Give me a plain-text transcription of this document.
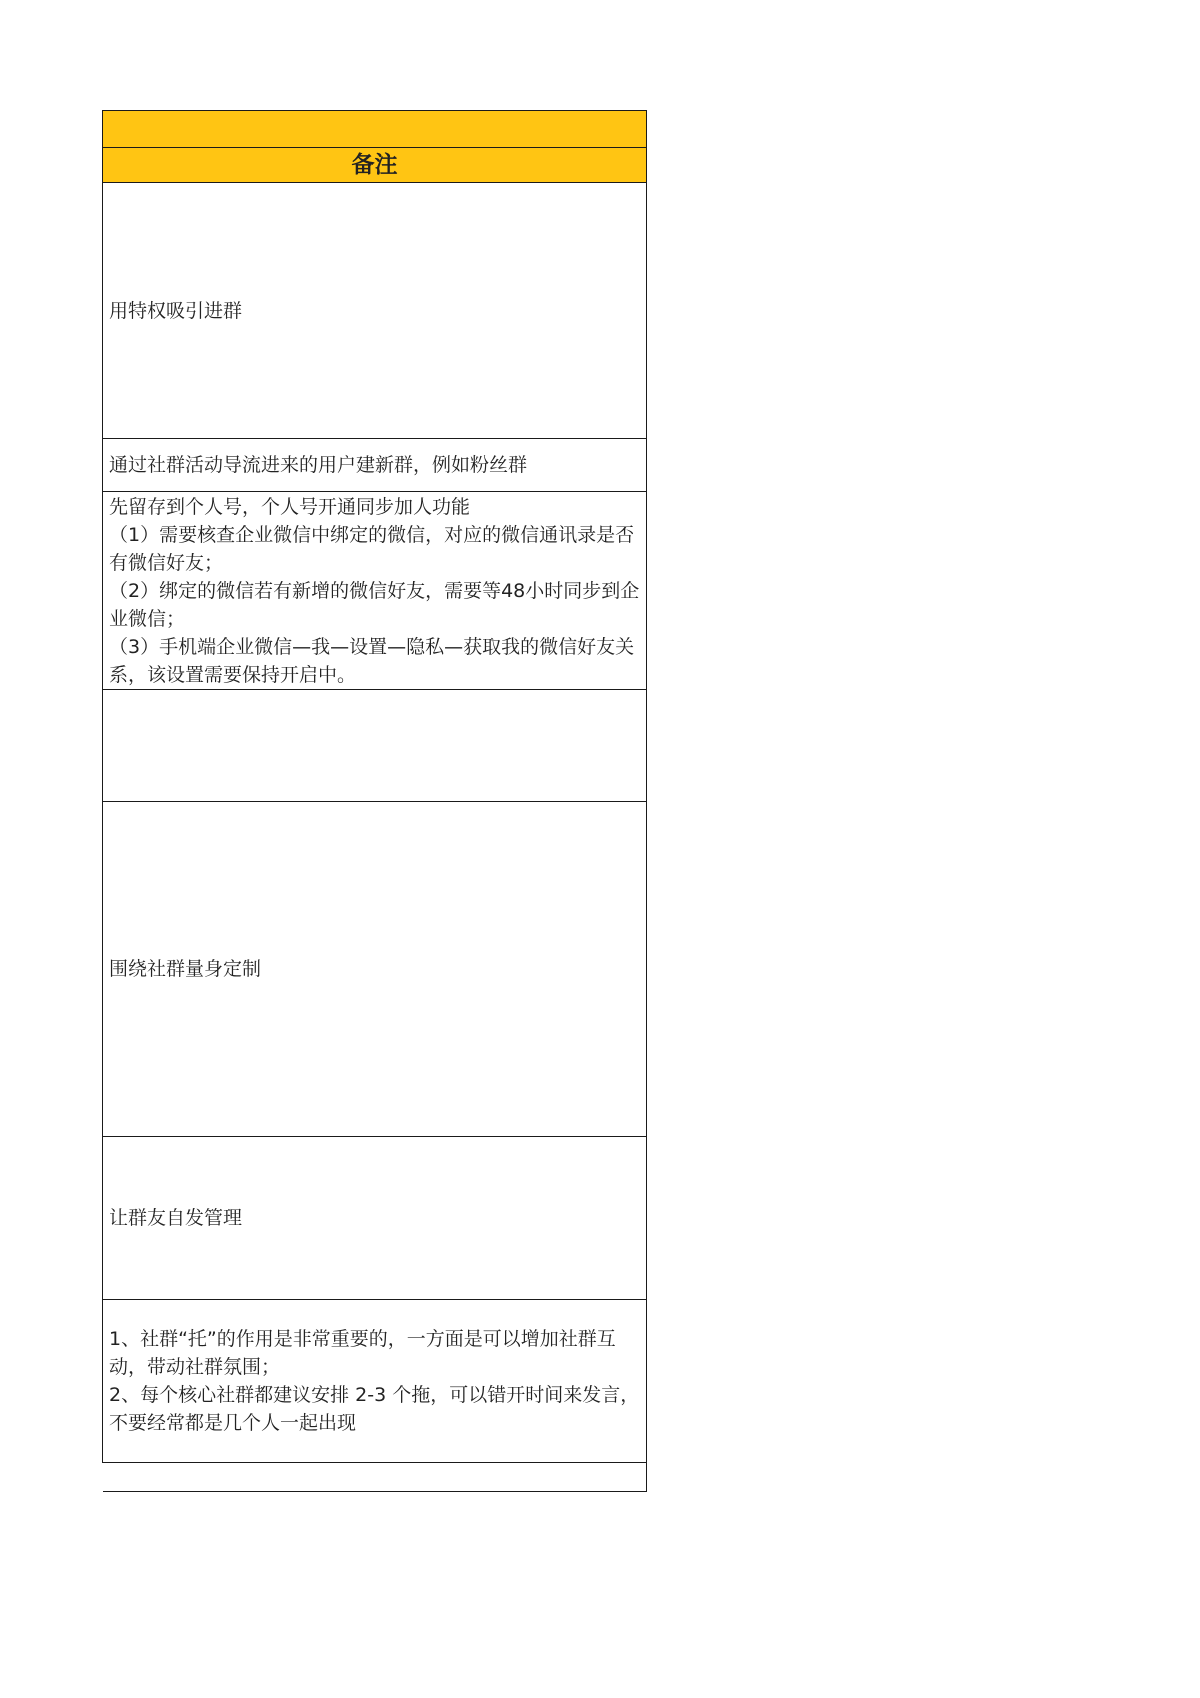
备注
用特权吸引进群
通过社群活动导流进来的用户建新群，例如粉丝群
先留存到个人号，个人号开通同步加人功能
（1）需要核查企业微信中绑定的微信，对应的微信通讯录是否有微信好友；
（2）绑定的微信若有新增的微信好友，需要等48小时同步到企业微信；
（3）手机端企业微信—我—设置—隐私—获取我的微信好友关系，该设置需要保持开启中。

围绕社群量身定制
让群友自发管理
1、社群“托”的作用是非常重要的，一方面是可以增加社群互动，带动社群氛围；
2、每个核心社群都建议安排 2-3 个拖，可以错开时间来发言，不要经常都是几个人一起出现
